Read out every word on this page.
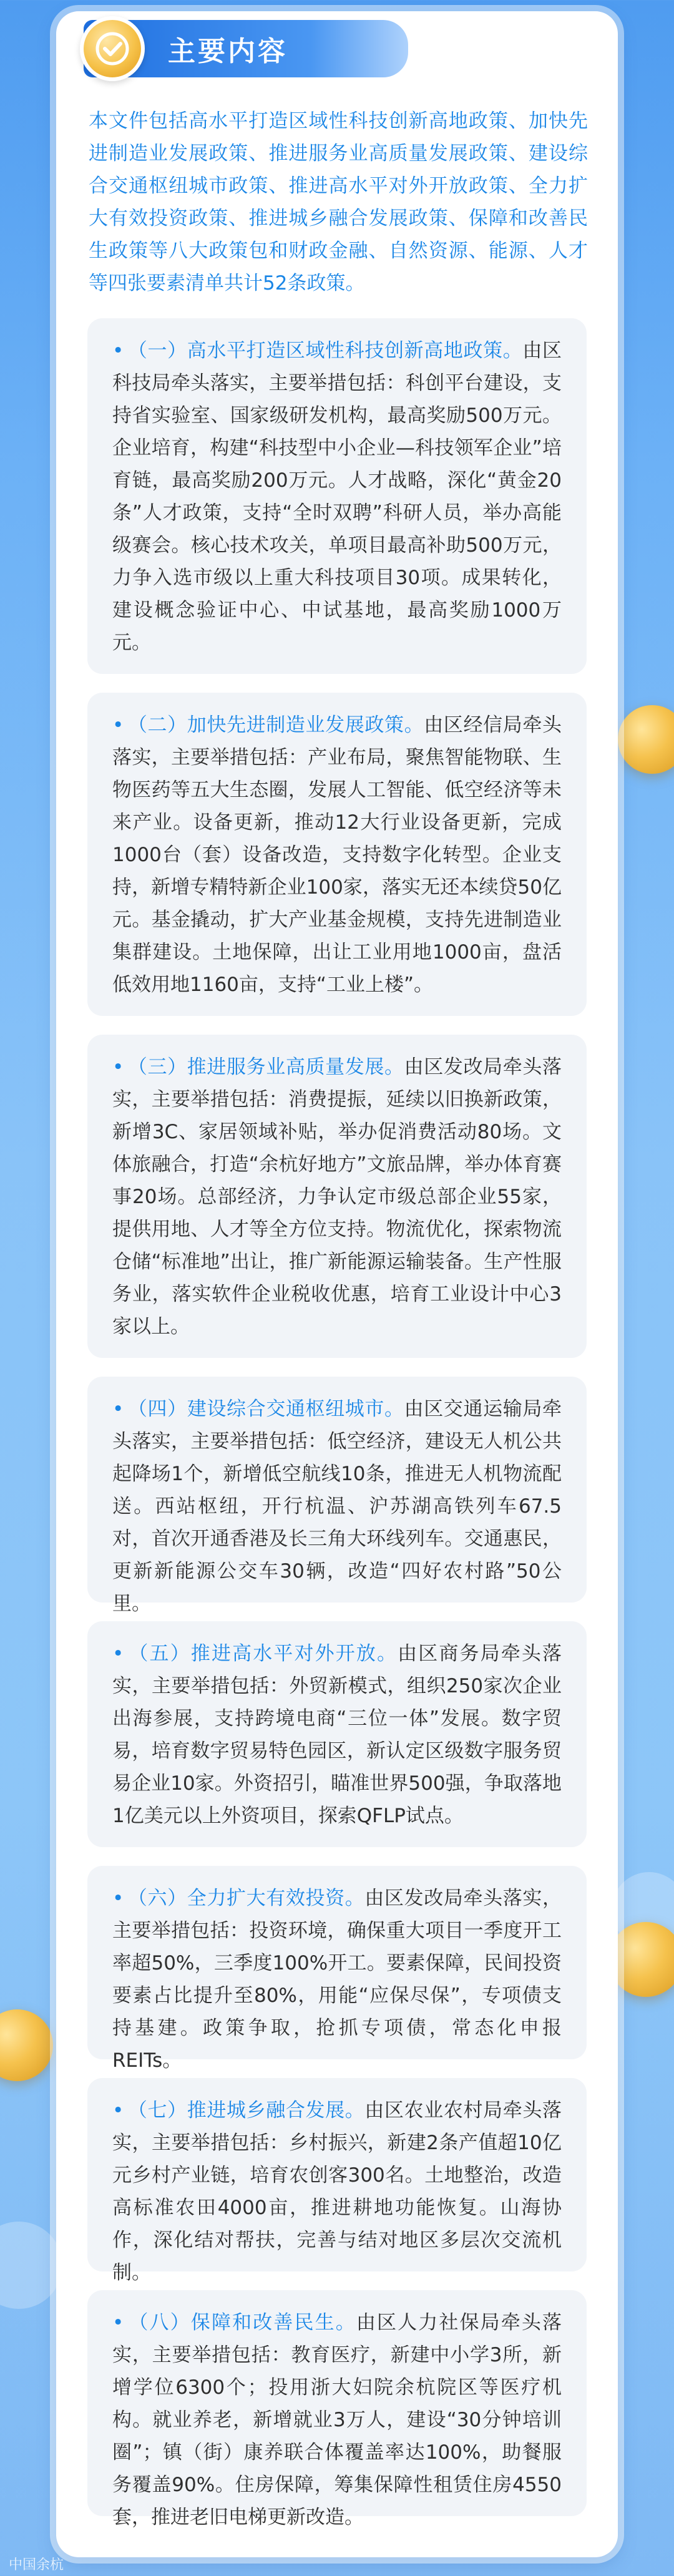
主要内容
本文件包括高水平打造区域性科技创新高地政策、加快先进制造业发展政策、推进服务业高质量发展政策、建设综合交通枢纽城市政策、推进高水平对外开放政策、全力扩大有效投资政策、推进城乡融合发展政策、保障和改善民生政策等八大政策包和财政金融、自然资源、能源、人才等四张要素清单共计52条政策。

• （一）高水平打造区域性科技创新高地政策。由区科技局牵头落实，主要举措包括：科创平台建设，支持省实验室、国家级研发机构，最高奖励500万元。企业培育，构建“科技型中小企业—科技领军企业”培育链，最高奖励200万元。人才战略，深化“黄金20条”人才政策，支持“全时双聘”科研人员，举办高能级赛会。核心技术攻关，单项目最高补助500万元，力争入选市级以上重大科技项目30项。成果转化，建设概念验证中心、中试基地，最高奖励1000万元。

• （二）加快先进制造业发展政策。由区经信局牵头落实，主要举措包括：产业布局，聚焦智能物联、生物医药等五大生态圈，发展人工智能、低空经济等未来产业。设备更新，推动12大行业设备更新，完成1000台（套）设备改造，支持数字化转型。企业支持，新增专精特新企业100家，落实无还本续贷50亿元。基金撬动，扩大产业基金规模，支持先进制造业集群建设。土地保障，出让工业用地1000亩，盘活低效用地1160亩，支持“工业上楼”。

• （三）推进服务业高质量发展。由区发改局牵头落实，主要举措包括：消费提振，延续以旧换新政策，新增3C、家居领域补贴，举办促消费活动80场。文体旅融合，打造“余杭好地方”文旅品牌，举办体育赛事20场。总部经济，力争认定市级总部企业55家，提供用地、人才等全方位支持。物流优化，探索物流仓储“标准地”出让，推广新能源运输装备。生产性服务业，落实软件企业税收优惠，培育工业设计中心3家以上。

• （四）建设综合交通枢纽城市。由区交通运输局牵头落实，主要举措包括：低空经济，建设无人机公共起降场1个，新增低空航线10条，推进无人机物流配送。西站枢纽，开行杭温、沪苏湖高铁列车67.5对，首次开通香港及长三角大环线列车。交通惠民，更新新能源公交车30辆，改造“四好农村路”50公里。

• （五）推进高水平对外开放。由区商务局牵头落实，主要举措包括：外贸新模式，组织250家次企业出海参展，支持跨境电商“三位一体”发展。数字贸易，培育数字贸易特色园区，新认定区级数字服务贸易企业10家。外资招引，瞄准世界500强，争取落地1亿美元以上外资项目，探索QFLP试点。

• （六）全力扩大有效投资。由区发改局牵头落实，主要举措包括：投资环境，确保重大项目一季度开工率超50%，三季度100%开工。要素保障，民间投资要素占比提升至80%，用能“应保尽保”，专项债支持基建。政策争取，抢抓专项债，常态化申报REITs。

• （七）推进城乡融合发展。由区农业农村局牵头落实，主要举措包括：乡村振兴，新建2条产值超10亿元乡村产业链，培育农创客300名。土地整治，改造高标准农田4000亩，推进耕地功能恢复。山海协作，深化结对帮扶，完善与结对地区多层次交流机制。

• （八）保障和改善民生。由区人力社保局牵头落实，主要举措包括：教育医疗，新建中小学3所，新增学位6300个；投用浙大妇院余杭院区等医疗机构。就业养老，新增就业3万人，建设“30分钟培训圈”；镇（街）康养联合体覆盖率达100%，助餐服务覆盖90%。住房保障，筹集保障性租赁住房4550套，推进老旧电梯更新改造。

中国余杭
